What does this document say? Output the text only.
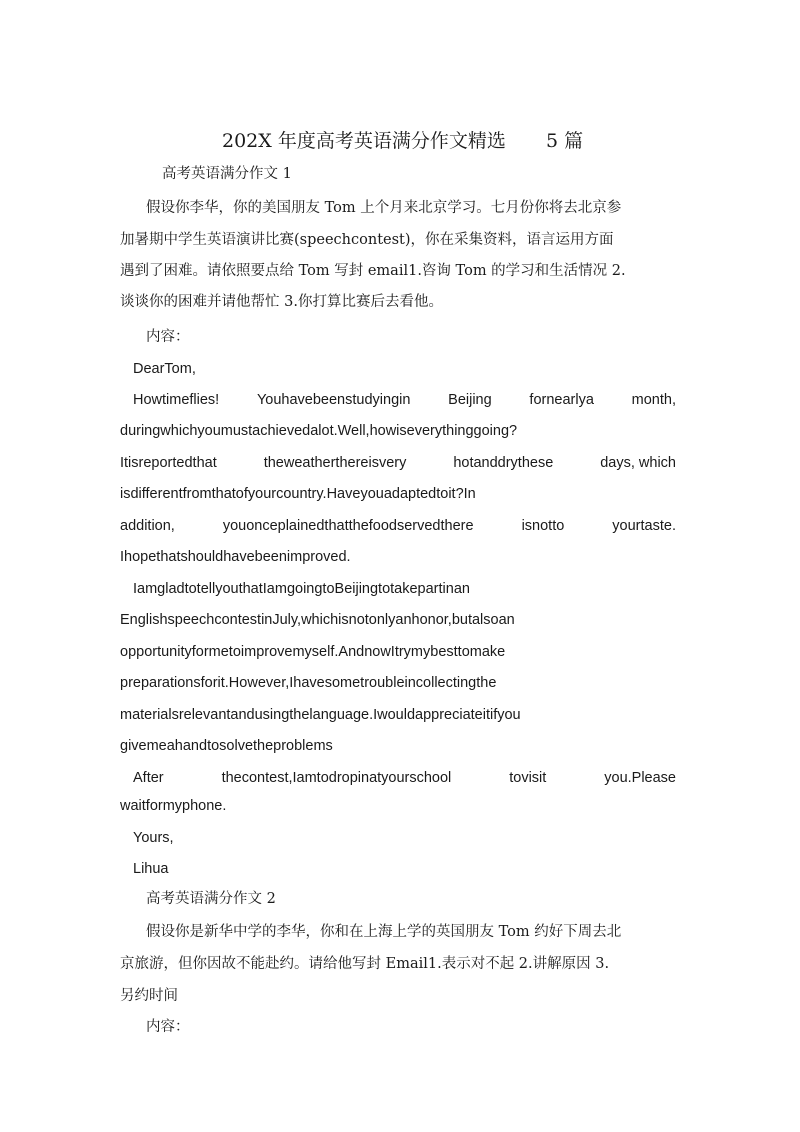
202X 年度高考英语满分作文精选 5 篇
高考英语满分作文 1
假设你李华，你的美国朋友 Tom 上个月来北京学习。七月份你将去北京参
加暑期中学生英语演讲比赛(speechcontest)，你在采集资料，语言运用方面
遇到了困难。请依照要点给 Tom 写封 email1.咨询 Tom 的学习和生活情况 2.
谈谈你的困难并请他帮忙 3.你打算比赛后去看他。
内容：
DearTom,
Howtimeflies!	Youhavebeenstudyingin	Beijing	fornearlya	month,
duringwhichyoumustachievedalot.Well,howiseverythinggoing?
Itisreportedthat	theweatherthereisvery	hotanddrythese	days, which
isdifferentfromthatofyourcountry.Haveyouadaptedtoit?In
addition,	youonceplainedthatthefoodservedthere	isnotto	yourtaste.
Ihopethatshouldhavebeenimproved.
IamgladtotellyouthatIamgoingtoBeijingtotakepartinan
EnglishspeechcontestinJuly,whichisnotonlyanhonor,butalsoan
opportunityformetoimprovemyself.AndnowItrymybesttomake
preparationsforit.However,Ihavesometroubleincollectingthe
materialsrelevantandusingthelanguage.Iwouldappreciateitifyou
givemeahandtosolvetheproblems
After	thecontest,Iamtodropinatyourschool	tovisit	you.Please
waitformyphone.
Yours,
Lihua
高考英语满分作文 2
假设你是新华中学的李华，你和在上海上学的英国朋友 Tom 约好下周去北
京旅游，但你因故不能赴约。请给他写封 Email1.表示对不起 2.讲解原因 3.
另约时间
内容：
